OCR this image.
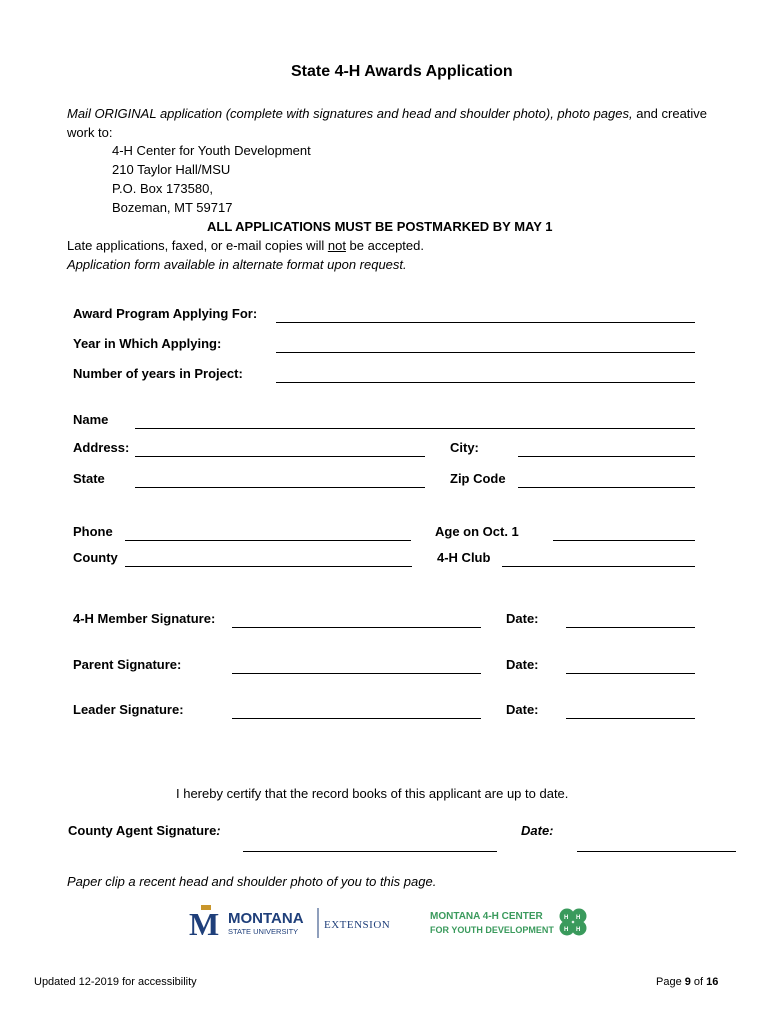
State 4-H Awards Application
Mail ORIGINAL application (complete with signatures and head and shoulder photo), photo pages, and creative
work to:
4-H Center for Youth Development
210 Taylor Hall/MSU
P.O. Box 173580,
Bozeman, MT 59717
ALL APPLICATIONS MUST BE POSTMARKED BY MAY 1
Late applications, faxed, or e-mail copies will not be accepted.
Application form available in alternate format upon request.
Award Program Applying For:
Year in Which Applying:
Number of years in Project:
Name
Address:	City:
State	Zip Code
Phone	Age on Oct. 1
County	4-H Club
4-H Member Signature:	Date:
Parent Signature:	Date:
Leader Signature:	Date:
I hereby certify that the record books of this applicant are up to date.
County Agent Signature:	Date:
Paper clip a recent head and shoulder photo of you to this page.
M MONTANA
STATE UNIVERSITY
EXTENSION
MONTANA 4-H CENTER
FOR YOUTH DEVELOPMENT
H H
H H
Updated 12-2019 for accessibility	Page 9 of 16
